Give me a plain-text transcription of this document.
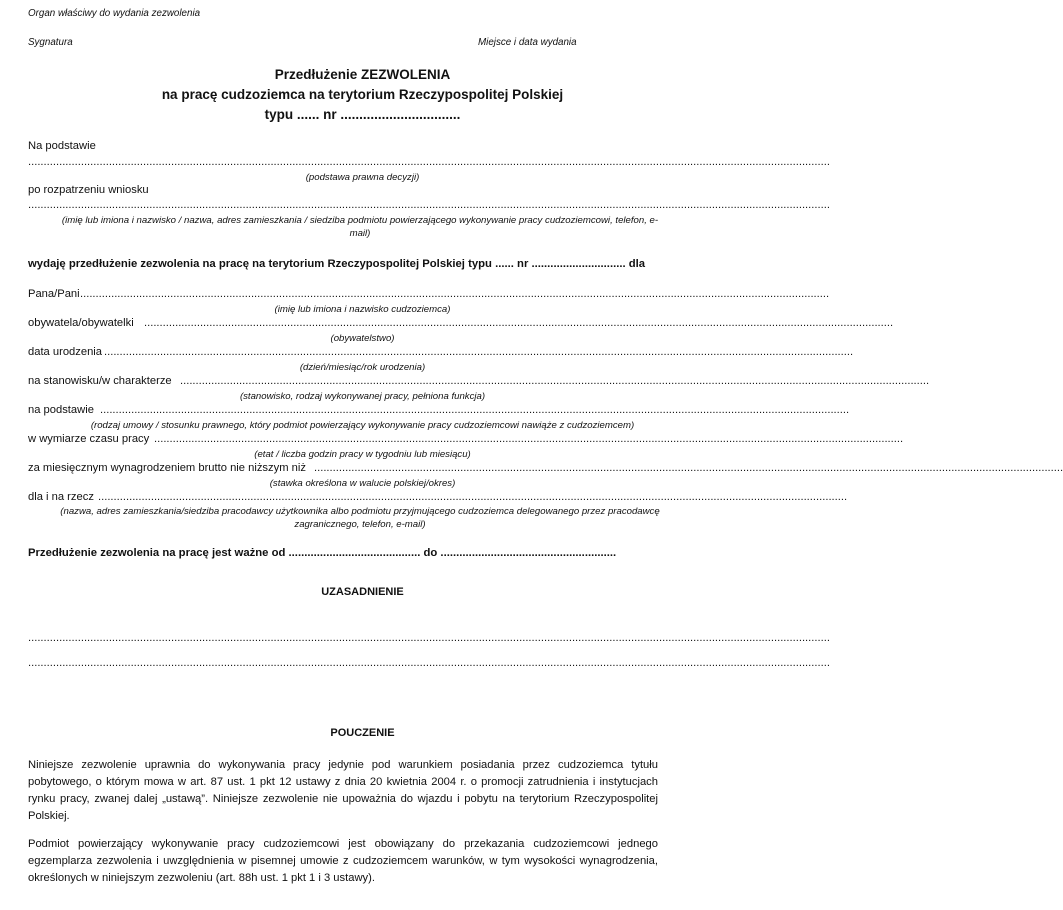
Organ właściwy do wydania zezwolenia
Sygnatura	Miejsce i data wydania
Przedłużenie ZEZWOLENIA
na pracę cudzoziemca na terytorium Rzeczypospolitej Polskiej
typu ...... nr ................................
Na podstawie
..................................................................................................................................................................................................................................................................
(podstawa prawna decyzji)
po rozpatrzeniu wniosku
..................................................................................................................................................................................................................................................................
(imię lub imiona i nazwisko / nazwa, adres zamieszkania / siedziba podmiotu powierzającego wykonywanie pracy cudzoziemcowi, telefon, e-mail)
wydaję przedłużenie zezwolenia na pracę na terytorium Rzeczypospolitej Polskiej typu ...... nr .............................. dla
Pana/Pani .................................................................................................................................................................................................................................................
(imię lub imiona i nazwisko cudzoziemca)
obywatela/obywatelki .................................................................................................................................................................................................................................................
(obywatelstwo)
data urodzenia .................................................................................................................................................................................................................................................
(dzień/miesiąc/rok urodzenia)
na stanowisku/w charakterze .................................................................................................................................................................................................................................................
(stanowisko, rodzaj wykonywanej pracy, pełniona funkcja)
na podstawie .................................................................................................................................................................................................................................................
(rodzaj umowy / stosunku prawnego, który podmiot powierzający wykonywanie pracy cudzoziemcowi nawiąże z cudzoziemcem)
w wymiarze czasu pracy .................................................................................................................................................................................................................................................
(etat / liczba godzin pracy w tygodniu lub miesiącu)
za miesięcznym wynagrodzeniem brutto nie niższym niż .................................................................................................................................................................................................................................................
(stawka określona w walucie polskiej/okres)
dla i na rzecz .................................................................................................................................................................................................................................................
(nazwa, adres zamieszkania/siedziba pracodawcy użytkownika albo podmiotu przyjmującego cudzoziemca delegowanego przez pracodawcę zagranicznego, telefon, e-mail)
Przedłużenie zezwolenia na pracę jest ważne od .......................................... do ........................................................
UZASADNIENIE
..................................................................................................................................................................................................................................................................
..................................................................................................................................................................................................................................................................
POUCZENIE
Niniejsze zezwolenie uprawnia do wykonywania pracy jedynie pod warunkiem posiadania przez cudzoziemca tytułu pobytowego, o którym mowa w art. 87 ust. 1 pkt 12 ustawy z dnia 20 kwietnia 2004 r. o promocji zatrudnienia i instytucjach rynku pracy, zwanej dalej „ustawą”. Niniejsze zezwolenie nie upoważnia do wjazdu i pobytu na terytorium Rzeczypospolitej Polskiej.
Podmiot powierzający wykonywanie pracy cudzoziemcowi jest obowiązany do przekazania cudzoziemcowi jednego egzemplarza zezwolenia i uwzględnienia w pisemnej umowie z cudzoziemcem warunków, w tym wysokości wynagrodzenia, określonych w niniejszym zezwoleniu (art. 88h ust. 1 pkt 1 i 3 ustawy).
